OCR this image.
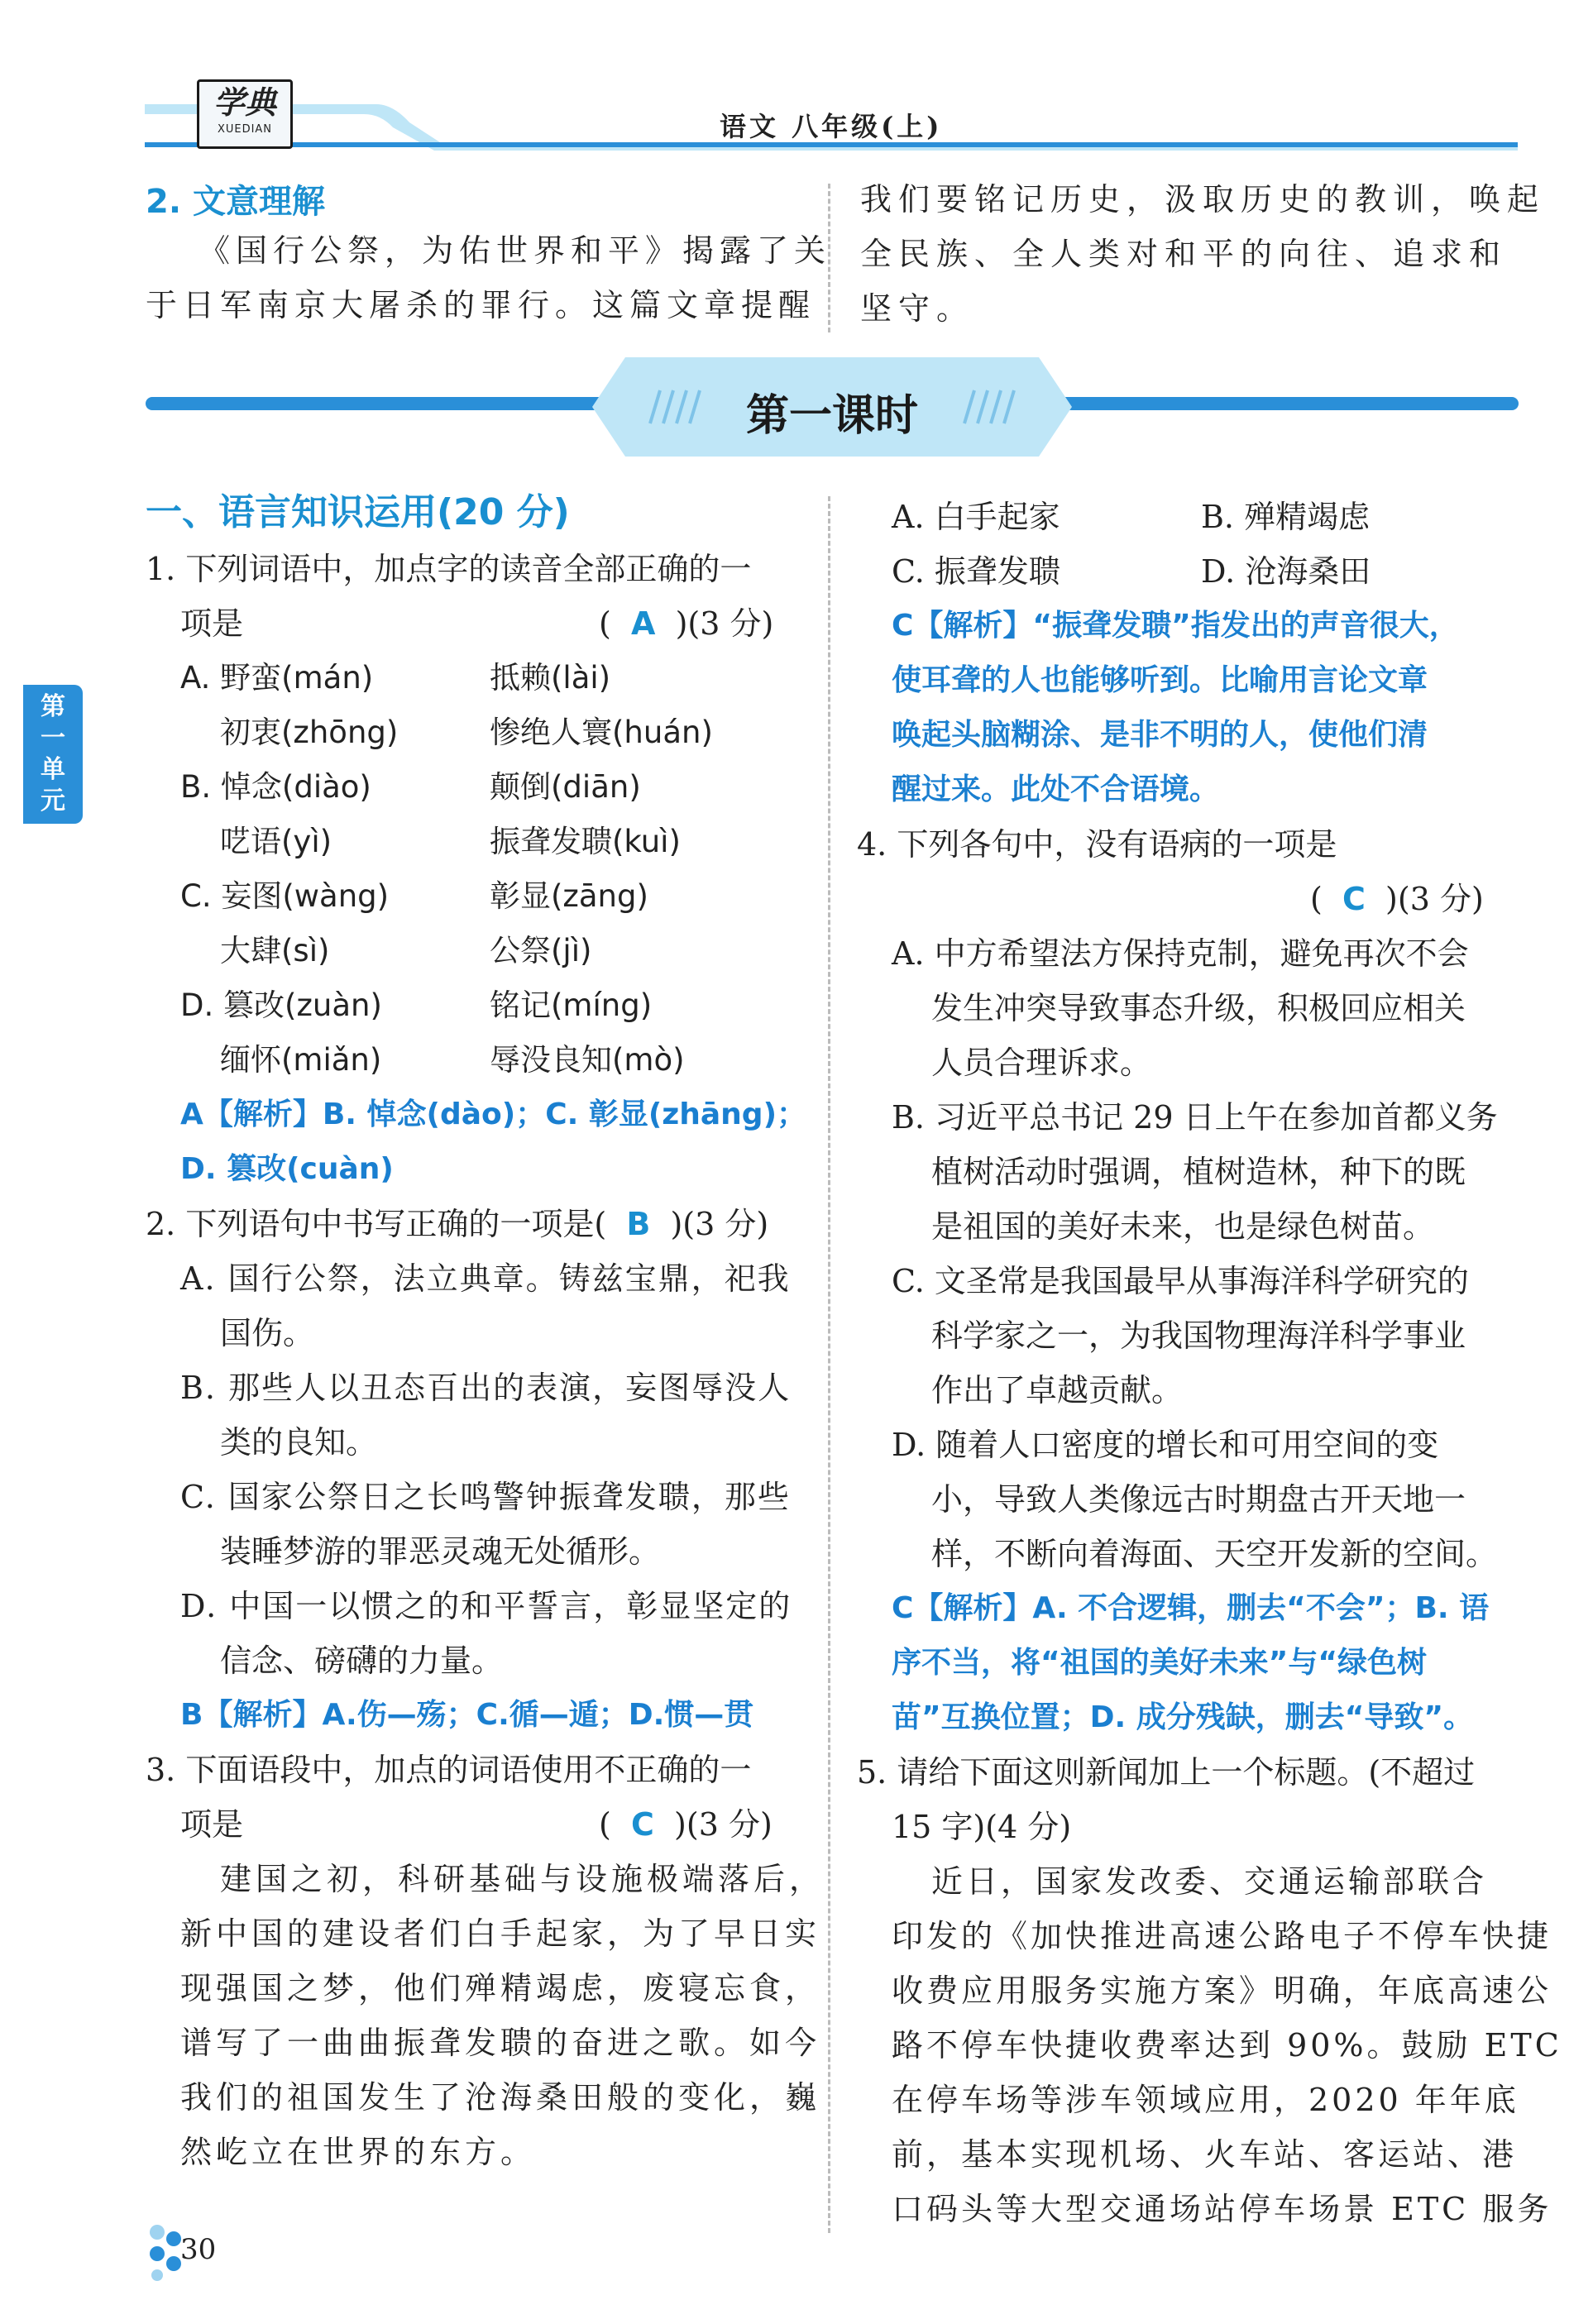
学典
XUEDIAN	语文 八年级(上)
第一单元
2. 文意理解
《国行公祭，为佑世界和平》揭露了关
于日军南京大屠杀的罪行。这篇文章提醒
我们要铭记历史，汲取历史的教训，唤起
全民族、全人类对和平的向往、追求和
坚守。
第一课时
一、语言知识运用(20 分)
1. 下列词语中，加点字的读音全部正确的一
项是	(  A )(3 分)
A. 野蛮(mán)	抵赖(lài)
初衷(zhōng)	惨绝人寰(huán)
B. 悼念(diào)	颠倒(diān)
呓语(yì)	振聋发聩(kuì)
C. 妄图(wàng)	彰显(zāng)
大肆(sì)	公祭(jì)
D. 篡改(zuàn)	铭记(míng)
缅怀(miǎn)	辱没良知(mò)
A【解析】B. 悼念(dào)；C. 彰显(zhāng)；
D. 篡改(cuàn)
2. 下列语句中书写正确的一项是( B )(3 分)
A. 国行公祭，法立典章。铸兹宝鼎，祀我
国伤。
B. 那些人以丑态百出的表演，妄图辱没人
类的良知。
C. 国家公祭日之长鸣警钟振聋发聩，那些
装睡梦游的罪恶灵魂无处循形。
D. 中国一以惯之的和平誓言，彰显坚定的
信念、磅礴的力量。
B【解析】A.伤—殇；C.循—遁；D.惯—贯
3. 下面语段中，加点的词语使用不正确的一
项是	(  C )(3 分)
建国之初，科研基础与设施极端落后，
新中国的建设者们白手起家，为了早日实
现强国之梦，他们殚精竭虑，废寝忘食，
谱写了一曲曲振聋发聩的奋进之歌。如今
我们的祖国发生了沧海桑田般的变化，巍
然屹立在世界的东方。
A. 白手起家	B. 殚精竭虑
C. 振聋发聩	D. 沧海桑田
C【解析】“振聋发聩”指发出的声音很大，
使耳聋的人也能够听到。比喻用言论文章
唤起头脑糊涂、是非不明的人，使他们清
醒过来。此处不合语境。
4. 下列各句中，没有语病的一项是
(  C )(3 分)
A. 中方希望法方保持克制，避免再次不会
发生冲突导致事态升级，积极回应相关
人员合理诉求。
B. 习近平总书记 29 日上午在参加首都义务
植树活动时强调，植树造林，种下的既
是祖国的美好未来，也是绿色树苗。
C. 文圣常是我国最早从事海洋科学研究的
科学家之一，为我国物理海洋科学事业
作出了卓越贡献。
D. 随着人口密度的增长和可用空间的变
小，导致人类像远古时期盘古开天地一
样，不断向着海面、天空开发新的空间。
C【解析】A. 不合逻辑，删去“不会”；B. 语
序不当，将“祖国的美好未来”与“绿色树
苗”互换位置；D. 成分残缺，删去“导致”。
5. 请给下面这则新闻加上一个标题。(不超过
15 字)(4 分)
近日，国家发改委、交通运输部联合
印发的《加快推进高速公路电子不停车快捷
收费应用服务实施方案》明确，年底高速公
路不停车快捷收费率达到 90%。鼓励 ETC
在停车场等涉车领域应用，2020 年年底
前，基本实现机场、火车站、客运站、港
口码头等大型交通场站停车场景 ETC 服务
30
